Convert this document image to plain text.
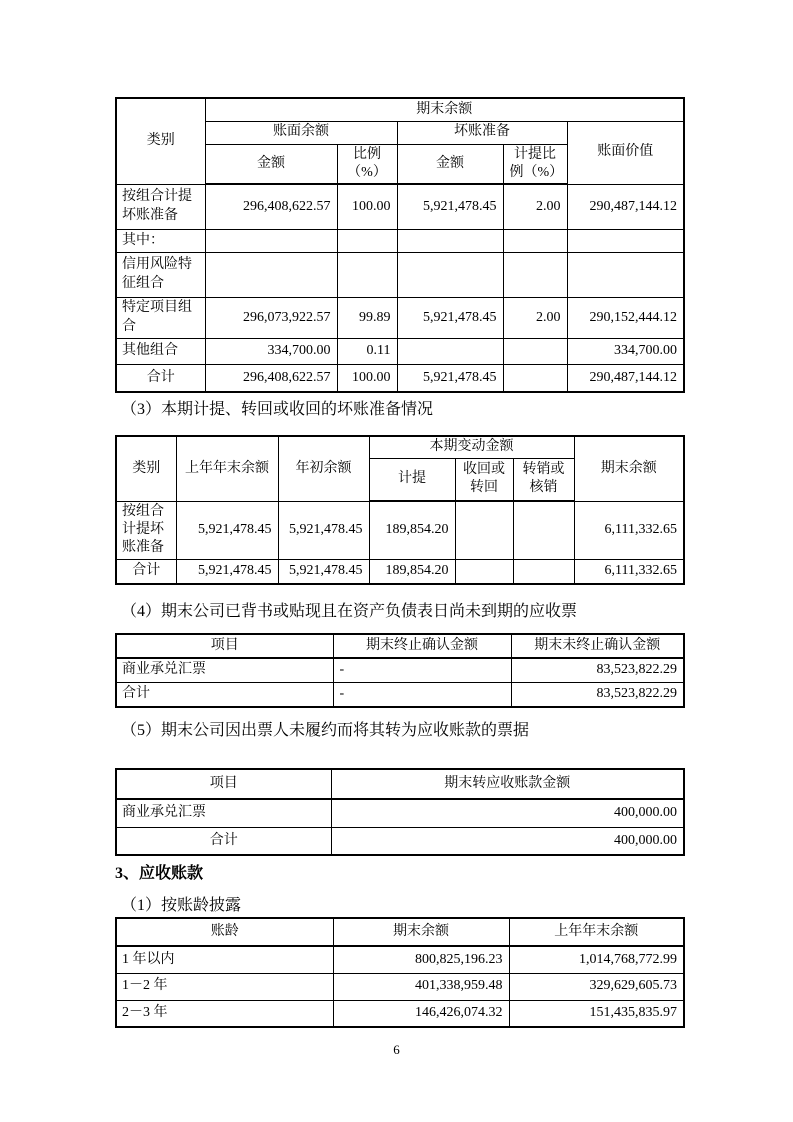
类别	期末余额				
	账面余额		坏账准备		账面价值
	金额	比例（%）	金额	计提比例（%）	
按组合计提坏账准备	296,408,622.57	100.00	5,921,478.45	2.00	290,487,144.12
其中：					
信用风险特征组合					
特定项目组合	296,073,922.57	99.89	5,921,478.45	2.00	290,152,444.12
其他组合	334,700.00	0.11			334,700.00
合计	296,408,622.57	100.00	5,921,478.45		290,487,144.12
（3）本期计提、转回或收回的坏账准备情况
类别	上年年末余额	年初余额	本期变动金额			期末余额
			计提	收回或转回	转销或核销	
按组合计提坏账准备	5,921,478.45	5,921,478.45	189,854.20			6,111,332.65
合计	5,921,478.45	5,921,478.45	189,854.20			6,111,332.65
（4）期末公司已背书或贴现且在资产负债表日尚未到期的应收票
项目	期末终止确认金额	期末未终止确认金额
商业承兑汇票	-	83,523,822.29
合计	-	83,523,822.29
（5）期末公司因出票人未履约而将其转为应收账款的票据
项目	期末转应收账款金额
商业承兑汇票	400,000.00
合计	400,000.00
3、应收账款
（1）按账龄披露
账龄	期末余额	上年年末余额
1 年以内	800,825,196.23	1,014,768,772.99
1－2 年	401,338,959.48	329,629,605.73
2－3 年	146,426,074.32	151,435,835.97
6
